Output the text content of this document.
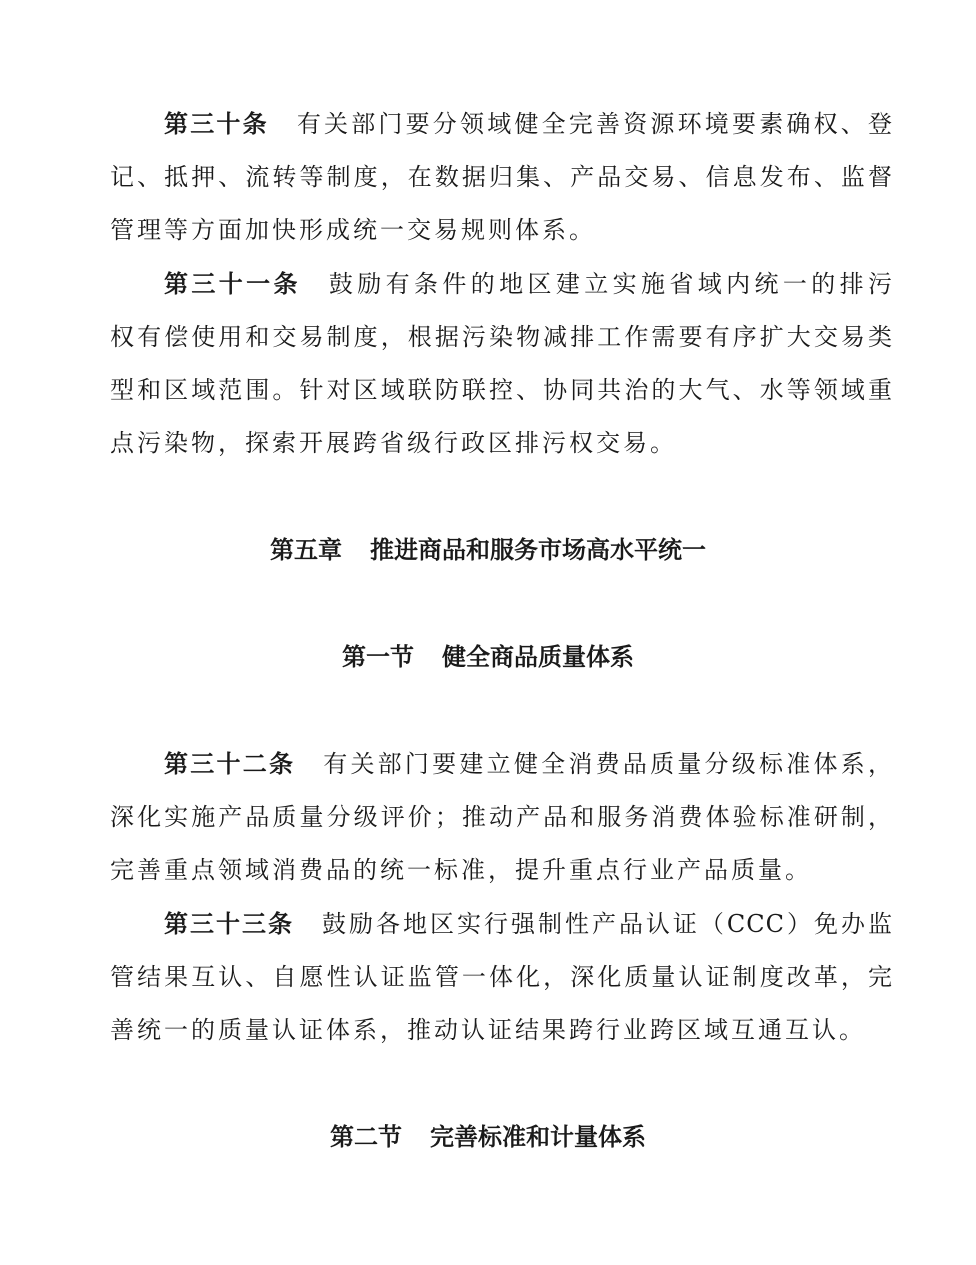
第三十条 有关部门要分领域健全完善资源环境要素确权、登
记、抵押、流转等制度，在数据归集、产品交易、信息发布、监督
管理等方面加快形成统一交易规则体系。
第三十一条 鼓励有条件的地区建立实施省域内统一的排污
权有偿使用和交易制度，根据污染物减排工作需要有序扩大交易类
型和区域范围。针对区域联防联控、协同共治的大气、水等领域重
点污染物，探索开展跨省级行政区排污权交易。
第五章 推进商品和服务市场高水平统一
第一节 健全商品质量体系
第三十二条 有关部门要建立健全消费品质量分级标准体系，
深化实施产品质量分级评价；推动产品和服务消费体验标准研制，
完善重点领域消费品的统一标准，提升重点行业产品质量。
第三十三条 鼓励各地区实行强制性产品认证（CCC）免办监
管结果互认、自愿性认证监管一体化，深化质量认证制度改革，完
善统一的质量认证体系，推动认证结果跨行业跨区域互通互认。
第二节 完善标准和计量体系
